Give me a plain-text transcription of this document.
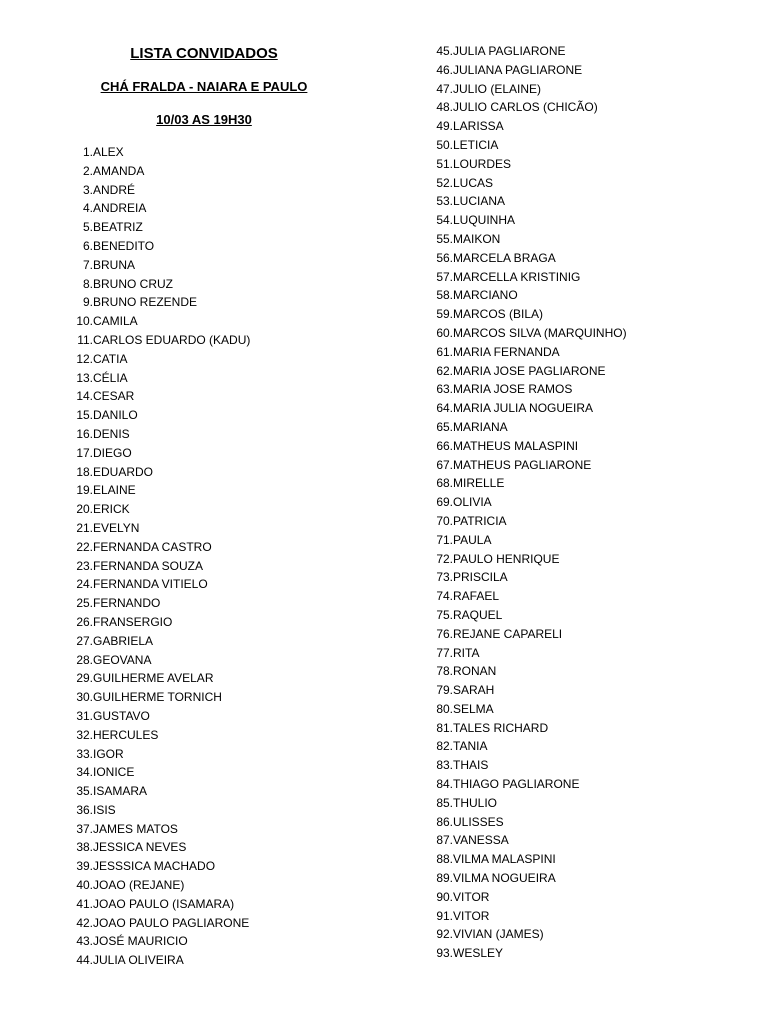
LISTA CONVIDADOS

CHÁ FRALDA - NAIARA E PAULO

10/03 AS 19H30

1. ALEX
2. AMANDA
3. ANDRÉ
4. ANDREIA
5. BEATRIZ
6. BENEDITO
7. BRUNA
8. BRUNO CRUZ
9. BRUNO REZENDE
10. CAMILA
11. CARLOS EDUARDO (KADU)
12. CATIA
13. CÉLIA
14. CESAR
15. DANILO
16. DENIS
17. DIEGO
18. EDUARDO
19. ELAINE
20. ERICK
21. EVELYN
22. FERNANDA CASTRO
23. FERNANDA SOUZA
24. FERNANDA VITIELO
25. FERNANDO
26. FRANSERGIO
27. GABRIELA
28. GEOVANA
29. GUILHERME AVELAR
30. GUILHERME TORNICH
31. GUSTAVO
32. HERCULES
33. IGOR
34. IONICE
35. ISAMARA
36. ISIS
37. JAMES MATOS
38. JESSICA NEVES
39. JESSSICA MACHADO
40. JOAO (REJANE)
41. JOAO PAULO (ISAMARA)
42. JOAO PAULO PAGLIARONE
43. JOSÉ MAURICIO
44. JULIA OLIVEIRA
45. JULIA PAGLIARONE
46. JULIANA PAGLIARONE
47. JULIO (ELAINE)
48. JULIO CARLOS (CHICÃO)
49. LARISSA
50. LETICIA
51. LOURDES
52. LUCAS
53. LUCIANA
54. LUQUINHA
55. MAIKON
56. MARCELA BRAGA
57. MARCELLA KRISTINIG
58. MARCIANO
59. MARCOS (BILA)
60. MARCOS SILVA (MARQUINHO)
61. MARIA FERNANDA
62. MARIA JOSE PAGLIARONE
63. MARIA JOSE RAMOS
64. MARIA JULIA NOGUEIRA
65. MARIANA
66. MATHEUS MALASPINI
67. MATHEUS PAGLIARONE
68. MIRELLE
69. OLIVIA
70. PATRICIA
71. PAULA
72. PAULO HENRIQUE
73. PRISCILA
74. RAFAEL
75. RAQUEL
76. REJANE CAPARELI
77. RITA
78. RONAN
79. SARAH
80. SELMA
81. TALES RICHARD
82. TANIA
83. THAIS
84. THIAGO PAGLIARONE
85. THULIO
86. ULISSES
87. VANESSA
88. VILMA MALASPINI
89. VILMA NOGUEIRA
90. VITOR
91. VITOR
92. VIVIAN (JAMES)
93. WESLEY
